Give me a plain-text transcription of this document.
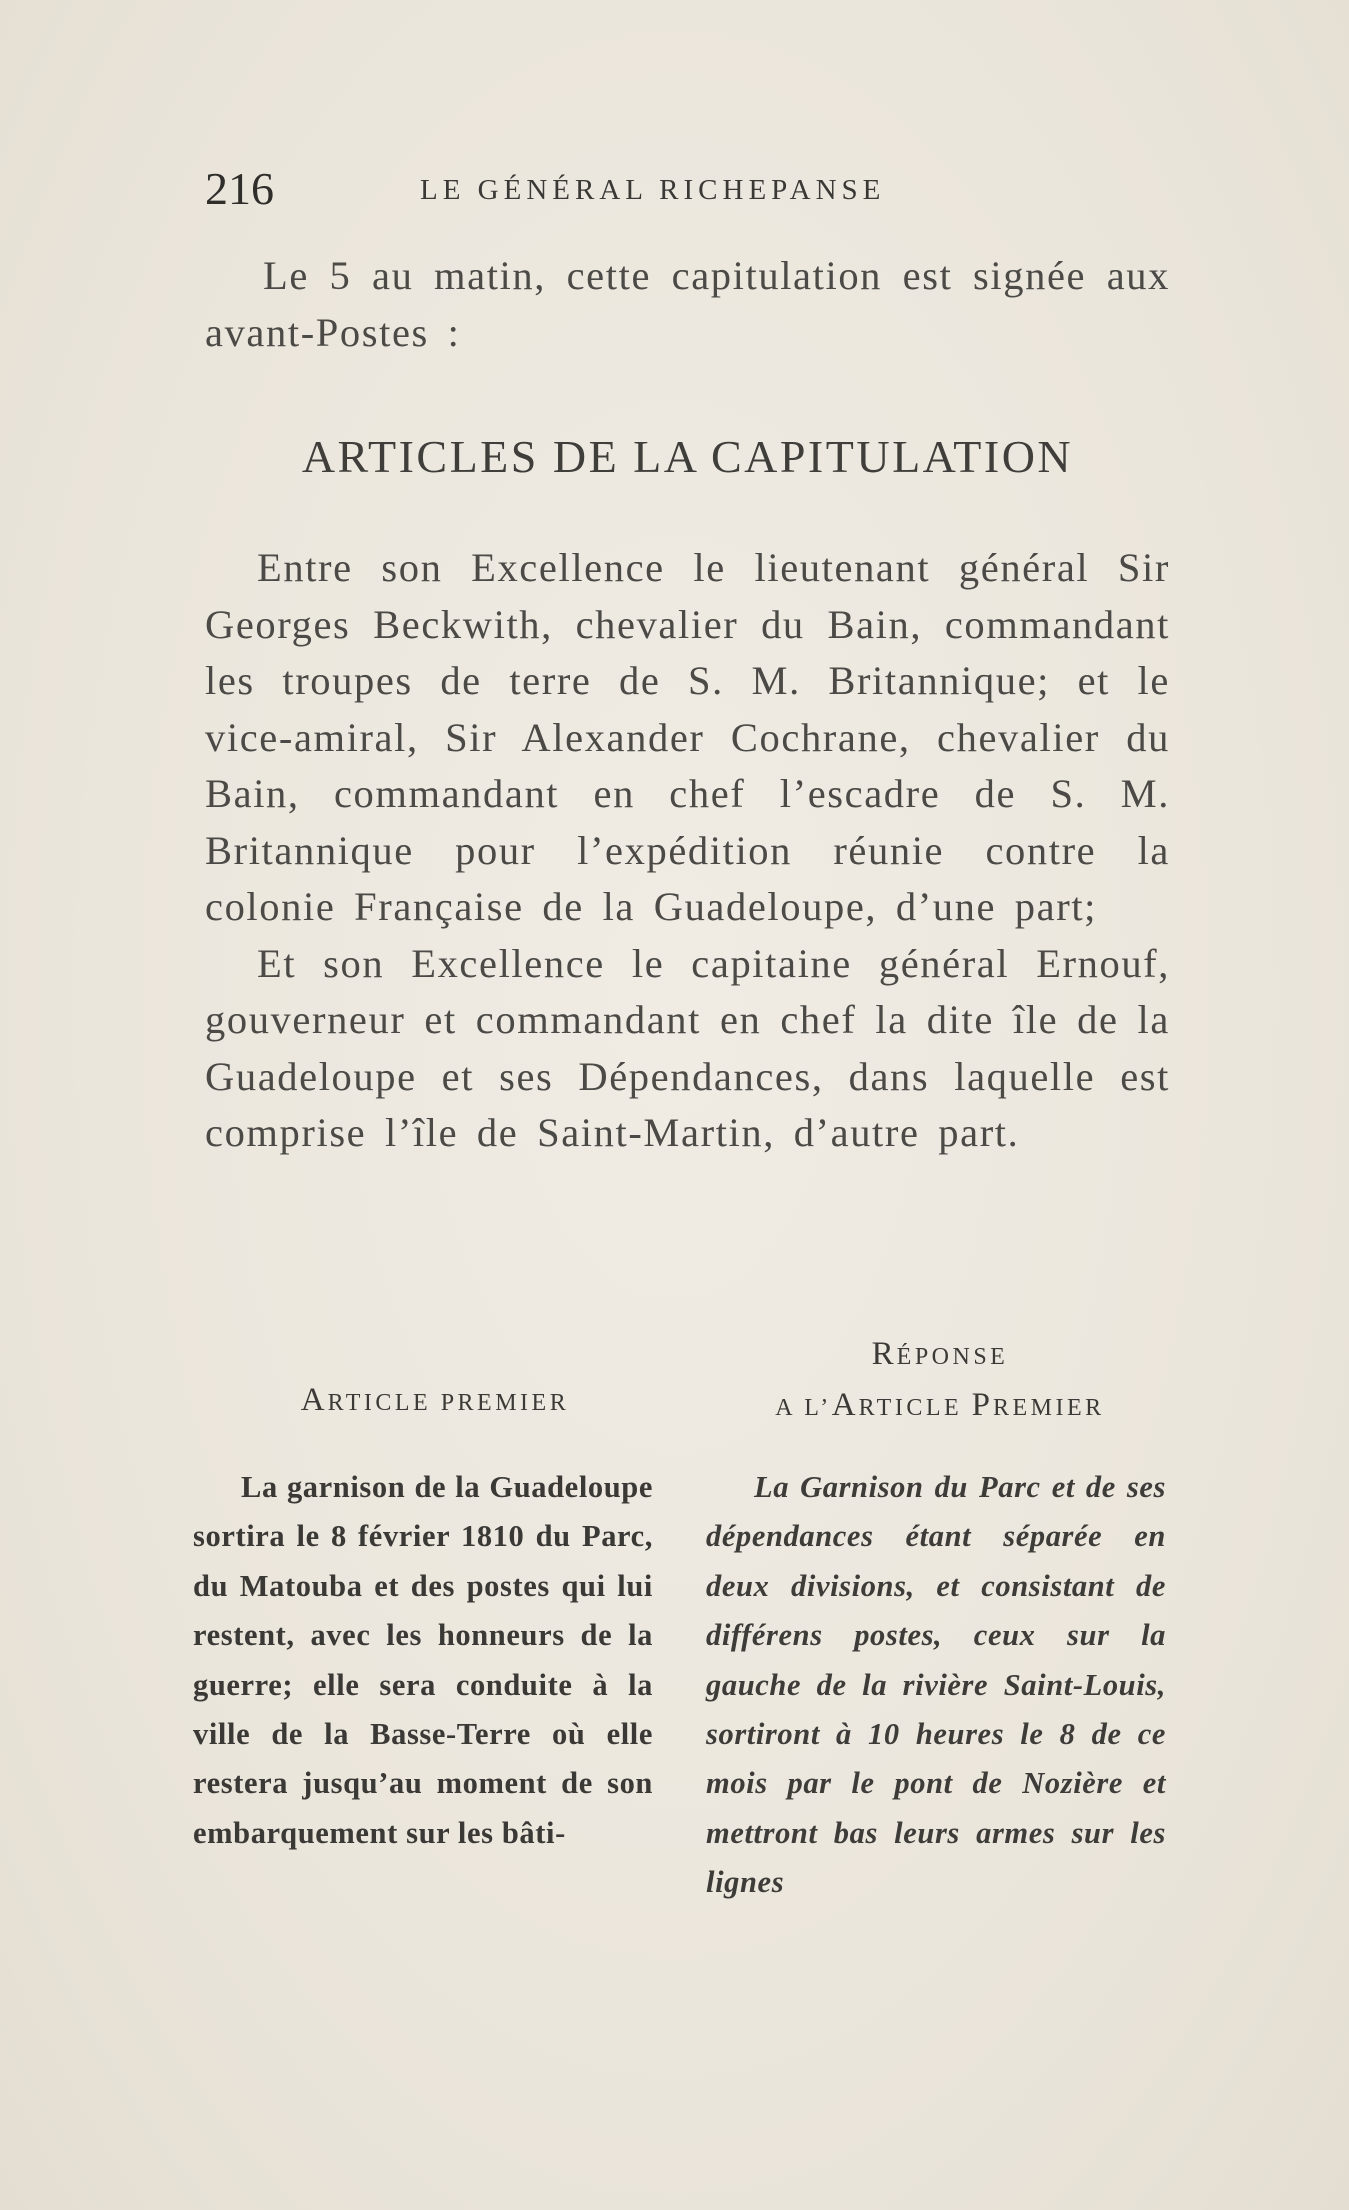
216	LE GÉNÉRAL RICHEPANSE
Le 5 au matin, cette capitulation est signée aux avant-Postes :
ARTICLES DE LA CAPITULATION

Entre son Excellence le lieutenant général Sir Georges Beckwith, chevalier du Bain, commandant les troupes de terre de S. M. Britannique; et le vice-amiral, Sir Alexander Cochrane, chevalier du Bain, commandant en chef l’escadre de S. M. Britannique pour l’expédition réunie contre la colonie Française de la Guadeloupe, d’une part;

Et son Excellence le capitaine général Ernouf, gouverneur et commandant en chef la dite île de la Guadeloupe et ses Dépendances, dans laquelle est comprise l’île de Saint-Martin, d’autre part.

ARTICLE PREMIER
RÉPONSE
A L’ARTICLE PREMIER
La garnison de la Guadeloupe sortira le 8 février 1810 du Parc, du Matouba et des postes qui lui restent, avec les honneurs de la guerre; elle sera conduite à la ville de la Basse-Terre où elle restera jusqu’au moment de son embarquement sur les bâti-
La Garnison du Parc et de ses dépendances étant séparée en deux divisions, et consistant de différens postes, ceux sur la gauche de la rivière Saint-Louis, sortiront à 10 heures le 8 de ce mois par le pont de Nozière et mettront bas leurs armes sur les lignes
